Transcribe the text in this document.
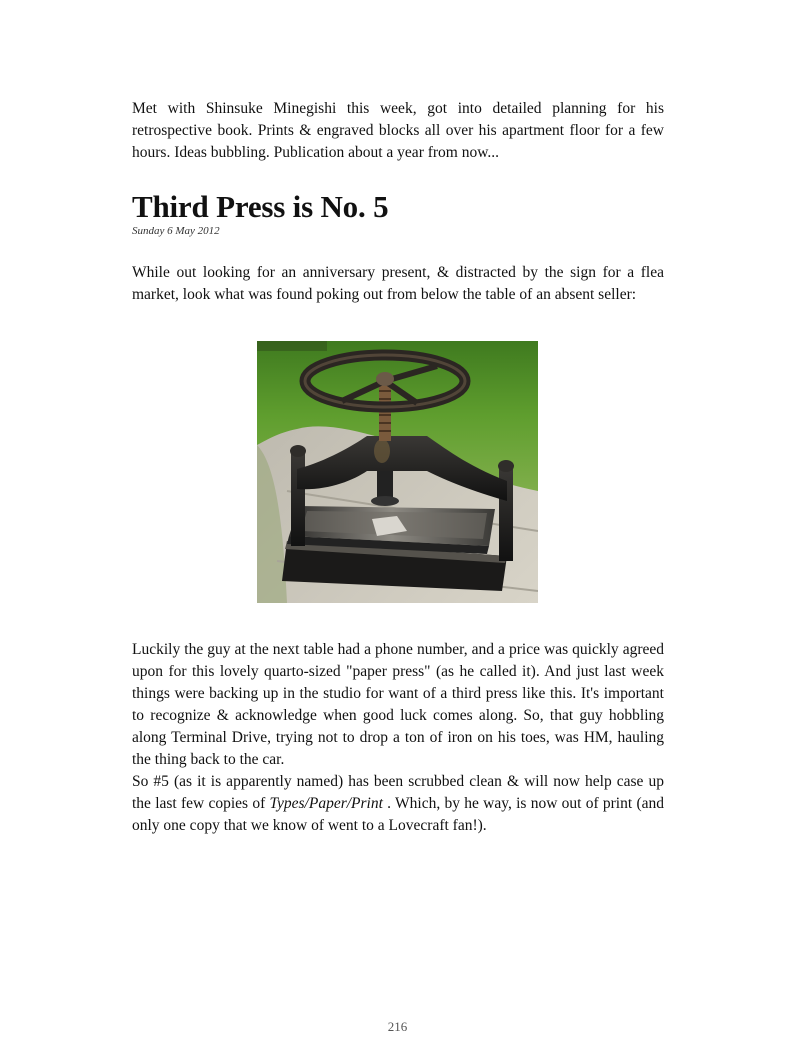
Met with Shinsuke Minegishi this week, got into detailed planning for his retrospective book. Prints & engraved blocks all over his apartment floor for a few hours. Ideas bubbling. Publication about a year from now...

Third Press is No. 5
Sunday 6 May 2012

While out looking for an anniversary present, & distracted by the sign for a flea market, look what was found poking out from below the table of an absent seller:

Luckily the guy at the next table had a phone number, and a price was quickly agreed upon for this lovely quarto-sized "paper press" (as he called it). And just last week things were backing up in the studio for want of a third press like this. It's important to recognize & acknowledge when good luck comes along. So, that guy hobbling along Terminal Drive, trying not to drop a ton of iron on his toes, was HM, hauling the thing back to the car.

So #5 (as it is apparently named) has been scrubbed clean & will now help case up the last few copies of Types/Paper/Print . Which, by he way, is now out of print (and only one copy that we know of went to a Lovecraft fan!).

216
